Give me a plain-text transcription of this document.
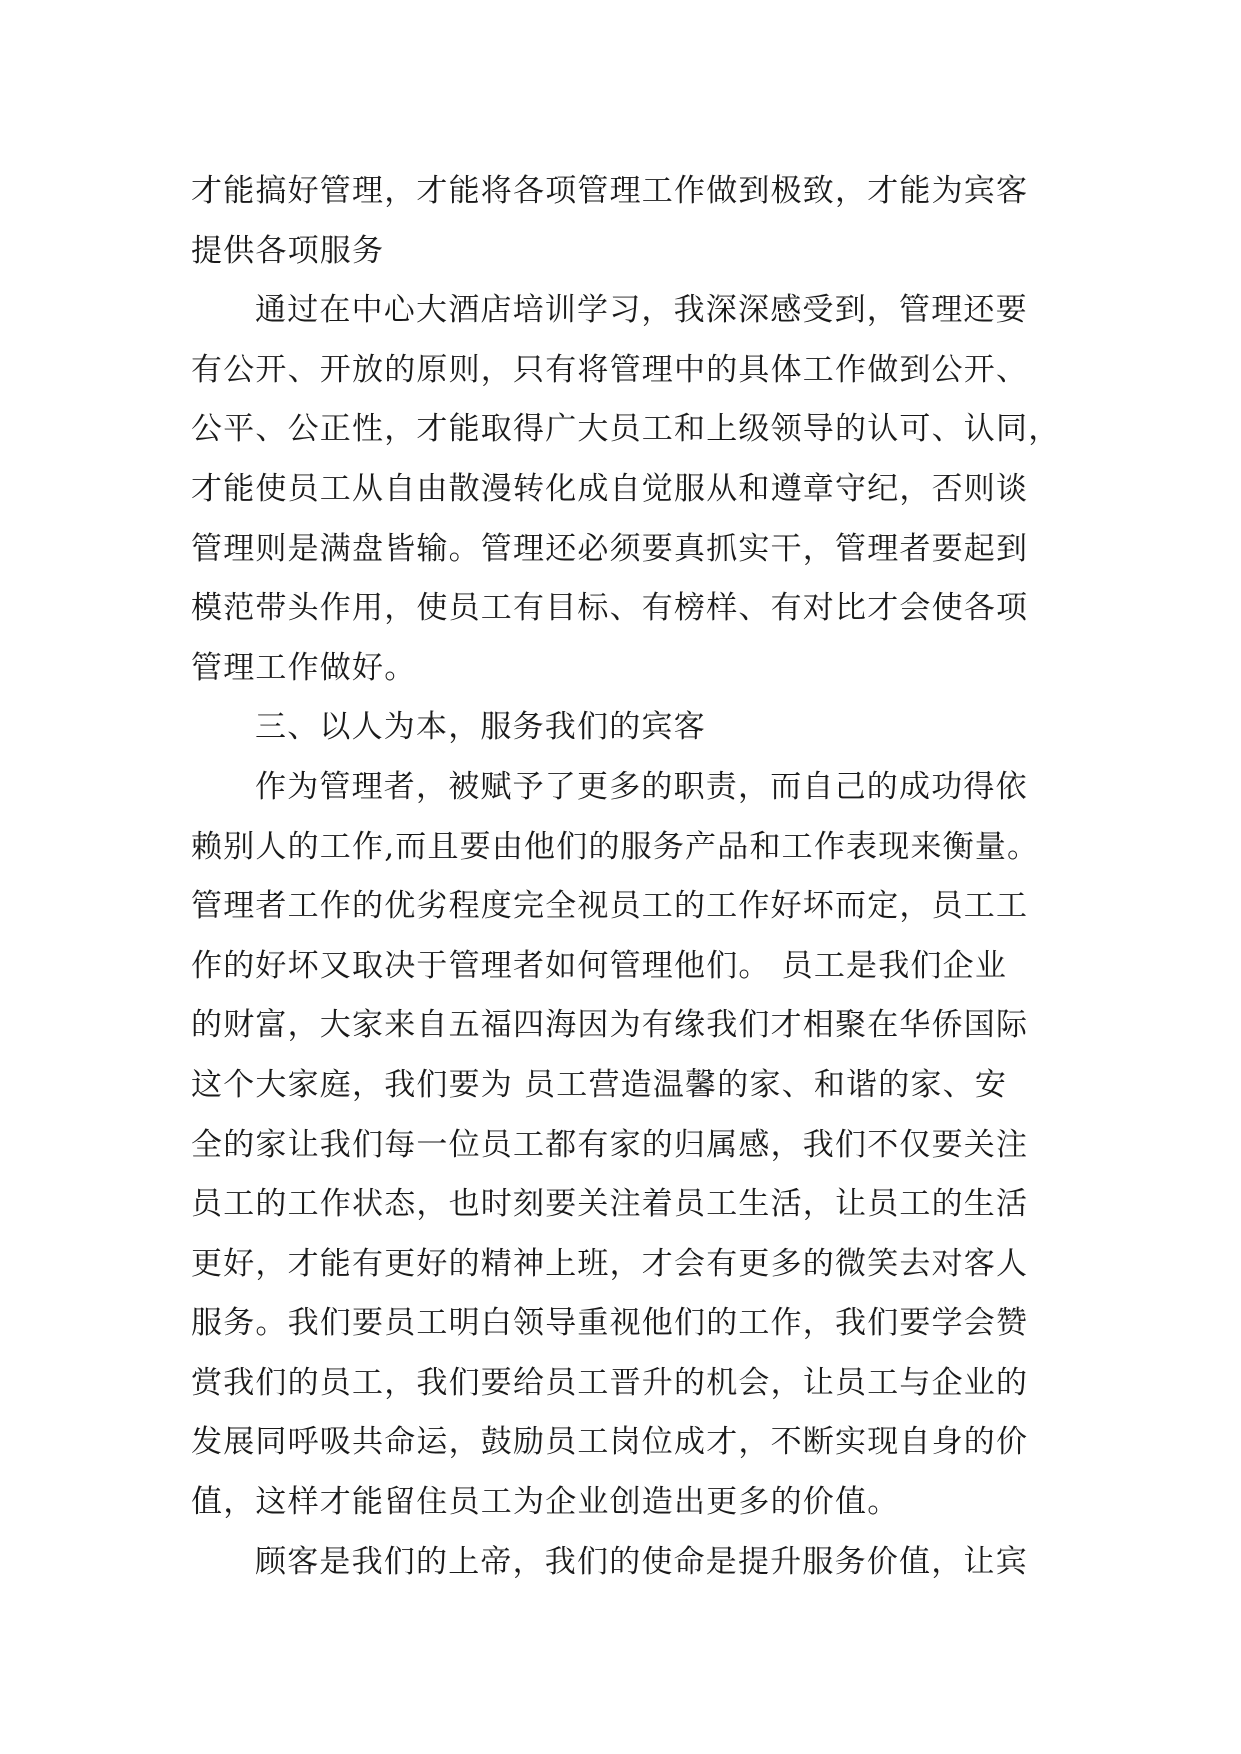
才能搞好管理，才能将各项管理工作做到极致，才能为宾客
提供各项服务
通过在中心大酒店培训学习，我深深感受到，管理还要
有公开、开放的原则，只有将管理中的具体工作做到公开、
公平、公正性，才能取得广大员工和上级领导的认可、认同，
才能使员工从自由散漫转化成自觉服从和遵章守纪，否则谈
管理则是满盘皆输。管理还必须要真抓实干，管理者要起到
模范带头作用，使员工有目标、有榜样、有对比才会使各项
管理工作做好。
三、以人为本，服务我们的宾客
作为管理者，被赋予了更多的职责，而自己的成功得依
赖别人的工作,而且要由他们的服务产品和工作表现来衡量。
管理者工作的优劣程度完全视员工的工作好坏而定，员工工
作的好坏又取决于管理者如何管理他们。 员工是我们企业
的财富，大家来自五福四海因为有缘我们才相聚在华侨国际
这个大家庭，我们要为 员工营造温馨的家、和谐的家、安
全的家让我们每一位员工都有家的归属感，我们不仅要关注
员工的工作状态，也时刻要关注着员工生活，让员工的生活
更好，才能有更好的精神上班，才会有更多的微笑去对客人
服务。我们要员工明白领导重视他们的工作，我们要学会赞
赏我们的员工，我们要给员工晋升的机会，让员工与企业的
发展同呼吸共命运，鼓励员工岗位成才，不断实现自身的价
值，这样才能留住员工为企业创造出更多的价值。
顾客是我们的上帝，我们的使命是提升服务价值，让宾
